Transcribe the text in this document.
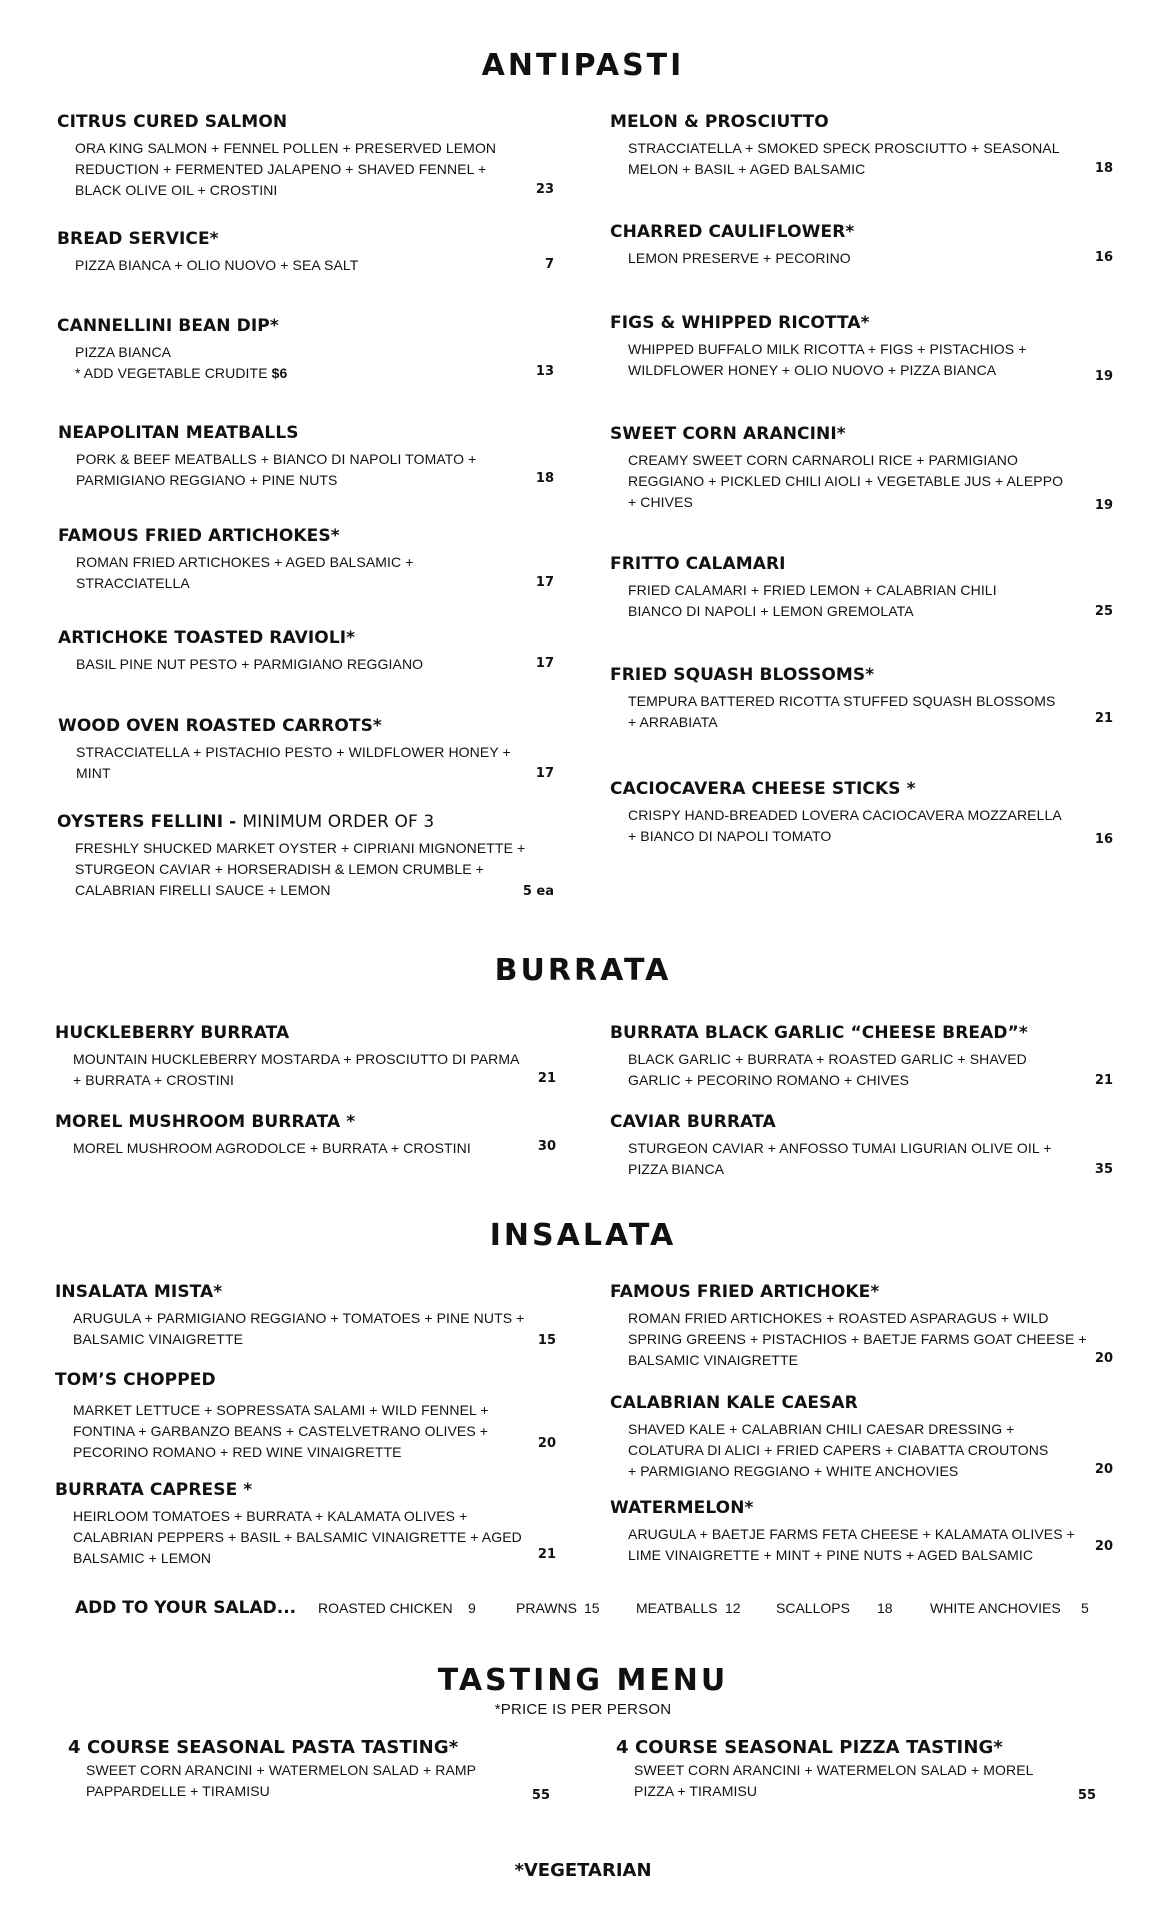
ANTIPASTI
CITRUS CURED SALMON
ORA KING SALMON + FENNEL POLLEN + PRESERVED LEMON
REDUCTION + FERMENTED JALAPENO + SHAVED FENNEL +
BLACK OLIVE OIL + CROSTINI	23
BREAD SERVICE*
PIZZA BIANCA + OLIO NUOVO + SEA SALT	7
CANNELLINI BEAN DIP*
PIZZA BIANCA
* ADD VEGETABLE CRUDITE $6	13
NEAPOLITAN MEATBALLS
PORK & BEEF MEATBALLS + BIANCO DI NAPOLI TOMATO +
PARMIGIANO REGGIANO + PINE NUTS	18
FAMOUS FRIED ARTICHOKES*
ROMAN FRIED ARTICHOKES + AGED BALSAMIC +
STRACCIATELLA	17
ARTICHOKE TOASTED RAVIOLI*
BASIL PINE NUT PESTO + PARMIGIANO REGGIANO	17
WOOD OVEN ROASTED CARROTS*
STRACCIATELLA + PISTACHIO PESTO + WILDFLOWER HONEY +
MINT	17
OYSTERS FELLINI - MINIMUM ORDER OF 3
FRESHLY SHUCKED MARKET OYSTER + CIPRIANI MIGNONETTE +
STURGEON CAVIAR + HORSERADISH & LEMON CRUMBLE +
CALABRIAN FIRELLI SAUCE + LEMON	5 ea
MELON & PROSCIUTTO
STRACCIATELLA + SMOKED SPECK PROSCIUTTO + SEASONAL
MELON + BASIL + AGED BALSAMIC	18
CHARRED CAULIFLOWER*
LEMON PRESERVE + PECORINO	16
FIGS & WHIPPED RICOTTA*
WHIPPED BUFFALO MILK RICOTTA + FIGS + PISTACHIOS +
WILDFLOWER HONEY + OLIO NUOVO + PIZZA BIANCA	19
SWEET CORN ARANCINI*
CREAMY SWEET CORN CARNAROLI RICE + PARMIGIANO
REGGIANO + PICKLED CHILI AIOLI + VEGETABLE JUS + ALEPPO
+ CHIVES	19
FRITTO CALAMARI
FRIED CALAMARI + FRIED LEMON + CALABRIAN CHILI
BIANCO DI NAPOLI + LEMON GREMOLATA	25
FRIED SQUASH BLOSSOMS*
TEMPURA BATTERED RICOTTA STUFFED SQUASH BLOSSOMS
+ ARRABIATA	21
CACIOCAVERA CHEESE STICKS *
CRISPY HAND-BREADED LOVERA CACIOCAVERA MOZZARELLA
+ BIANCO DI NAPOLI TOMATO	16
BURRATA
HUCKLEBERRY BURRATA
MOUNTAIN HUCKLEBERRY MOSTARDA + PROSCIUTTO DI PARMA
+ BURRATA + CROSTINI	21
MOREL MUSHROOM BURRATA *
MOREL MUSHROOM AGRODOLCE + BURRATA + CROSTINI	30
BURRATA BLACK GARLIC “CHEESE BREAD”*
BLACK GARLIC + BURRATA + ROASTED GARLIC + SHAVED
GARLIC + PECORINO ROMANO + CHIVES	21
CAVIAR BURRATA
STURGEON CAVIAR + ANFOSSO TUMAI LIGURIAN OLIVE OIL +
PIZZA BIANCA	35
INSALATA
INSALATA MISTA*
ARUGULA + PARMIGIANO REGGIANO + TOMATOES + PINE NUTS +
BALSAMIC VINAIGRETTE	15
TOM’S CHOPPED
MARKET LETTUCE + SOPRESSATA SALAMI + WILD FENNEL +
FONTINA + GARBANZO BEANS + CASTELVETRANO OLIVES +
PECORINO ROMANO + RED WINE VINAIGRETTE
20
BURRATA CAPRESE *
HEIRLOOM TOMATOES + BURRATA + KALAMATA OLIVES +
CALABRIAN PEPPERS + BASIL + BALSAMIC VINAIGRETTE + AGED
BALSAMIC + LEMON	21
FAMOUS FRIED ARTICHOKE*
ROMAN FRIED ARTICHOKES + ROASTED ASPARAGUS + WILD
SPRING GREENS + PISTACHIOS + BAETJE FARMS GOAT CHEESE +
BALSAMIC VINAIGRETTE	20
CALABRIAN KALE CAESAR
SHAVED KALE + CALABRIAN CHILI CAESAR DRESSING +
COLATURA DI ALICI + FRIED CAPERS + CIABATTA CROUTONS
+ PARMIGIANO REGGIANO + WHITE ANCHOVIES	20
WATERMELON*
ARUGULA + BAETJE FARMS FETA CHEESE + KALAMATA OLIVES +
LIME VINAIGRETTE + MINT + PINE NUTS + AGED BALSAMIC
20
ADD TO YOUR SALAD... ROASTED CHICKEN 9	PRAWNS 15	MEATBALLS 12	SCALLOPS 18	WHITE ANCHOVIES 5
TASTING MENU
*PRICE IS PER PERSON
4 COURSE SEASONAL PASTA TASTING*
SWEET CORN ARANCINI + WATERMELON SALAD + RAMP
PAPPARDELLE + TIRAMISU	55
4 COURSE SEASONAL PIZZA TASTING*
SWEET CORN ARANCINI + WATERMELON SALAD + MOREL
PIZZA + TIRAMISU	55
*VEGETARIAN
